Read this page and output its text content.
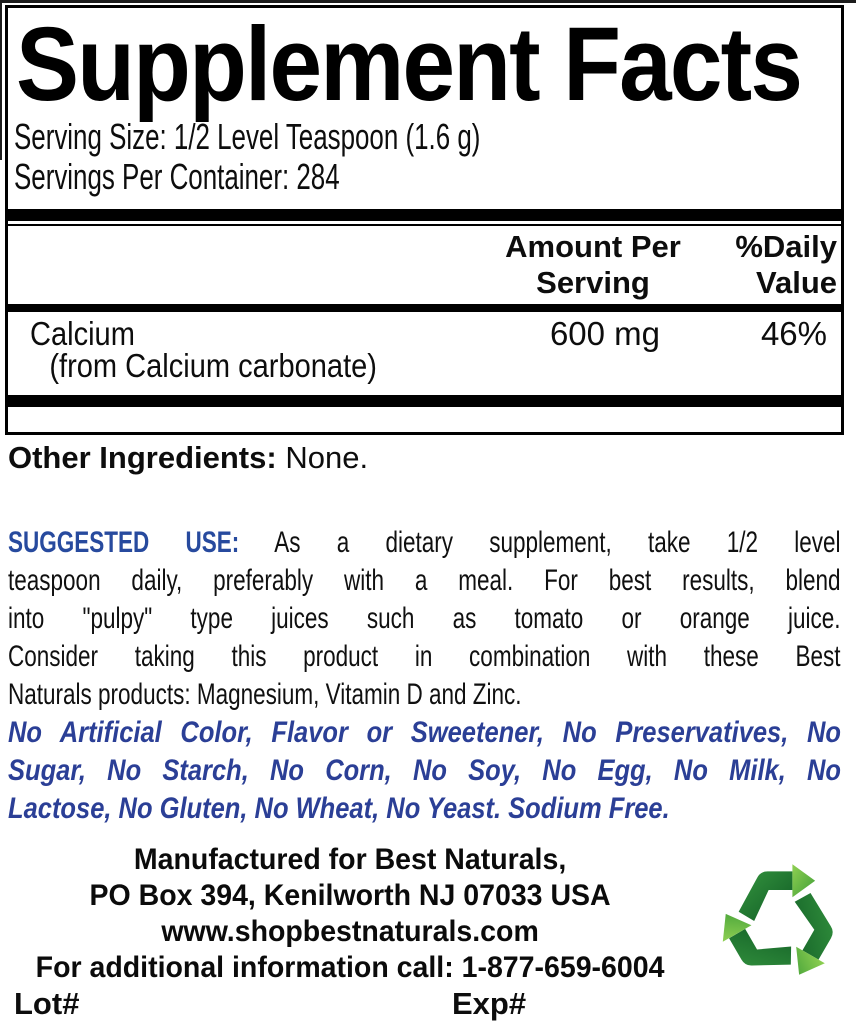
Supplement Facts
Serving Size: 1/2 Level Teaspoon (1.6 g)
Servings Per Container: 284
Amount Per
Serving
%Daily
Value
Calcium
(from Calcium carbonate)
600 mg	46%
Other Ingredients: None.
SUGGESTED USE: As a dietary supplement, take 1/2 level
teaspoon daily, preferably with a meal. For best results, blend
into "pulpy" type juices such as tomato or orange juice.
Consider taking this product in combination with these Best
Naturals products: Magnesium, Vitamin D and Zinc.
No Artificial Color, Flavor or Sweetener, No Preservatives, No
Sugar, No Starch, No Corn, No Soy, No Egg, No Milk, No
Lactose, No Gluten, No Wheat, No Yeast. Sodium Free.
Manufactured for Best Naturals,
PO Box 394, Kenilworth NJ 07033 USA
www.shopbestnaturals.com
For additional information call: 1-877-659-6004
Lot#	Exp#
